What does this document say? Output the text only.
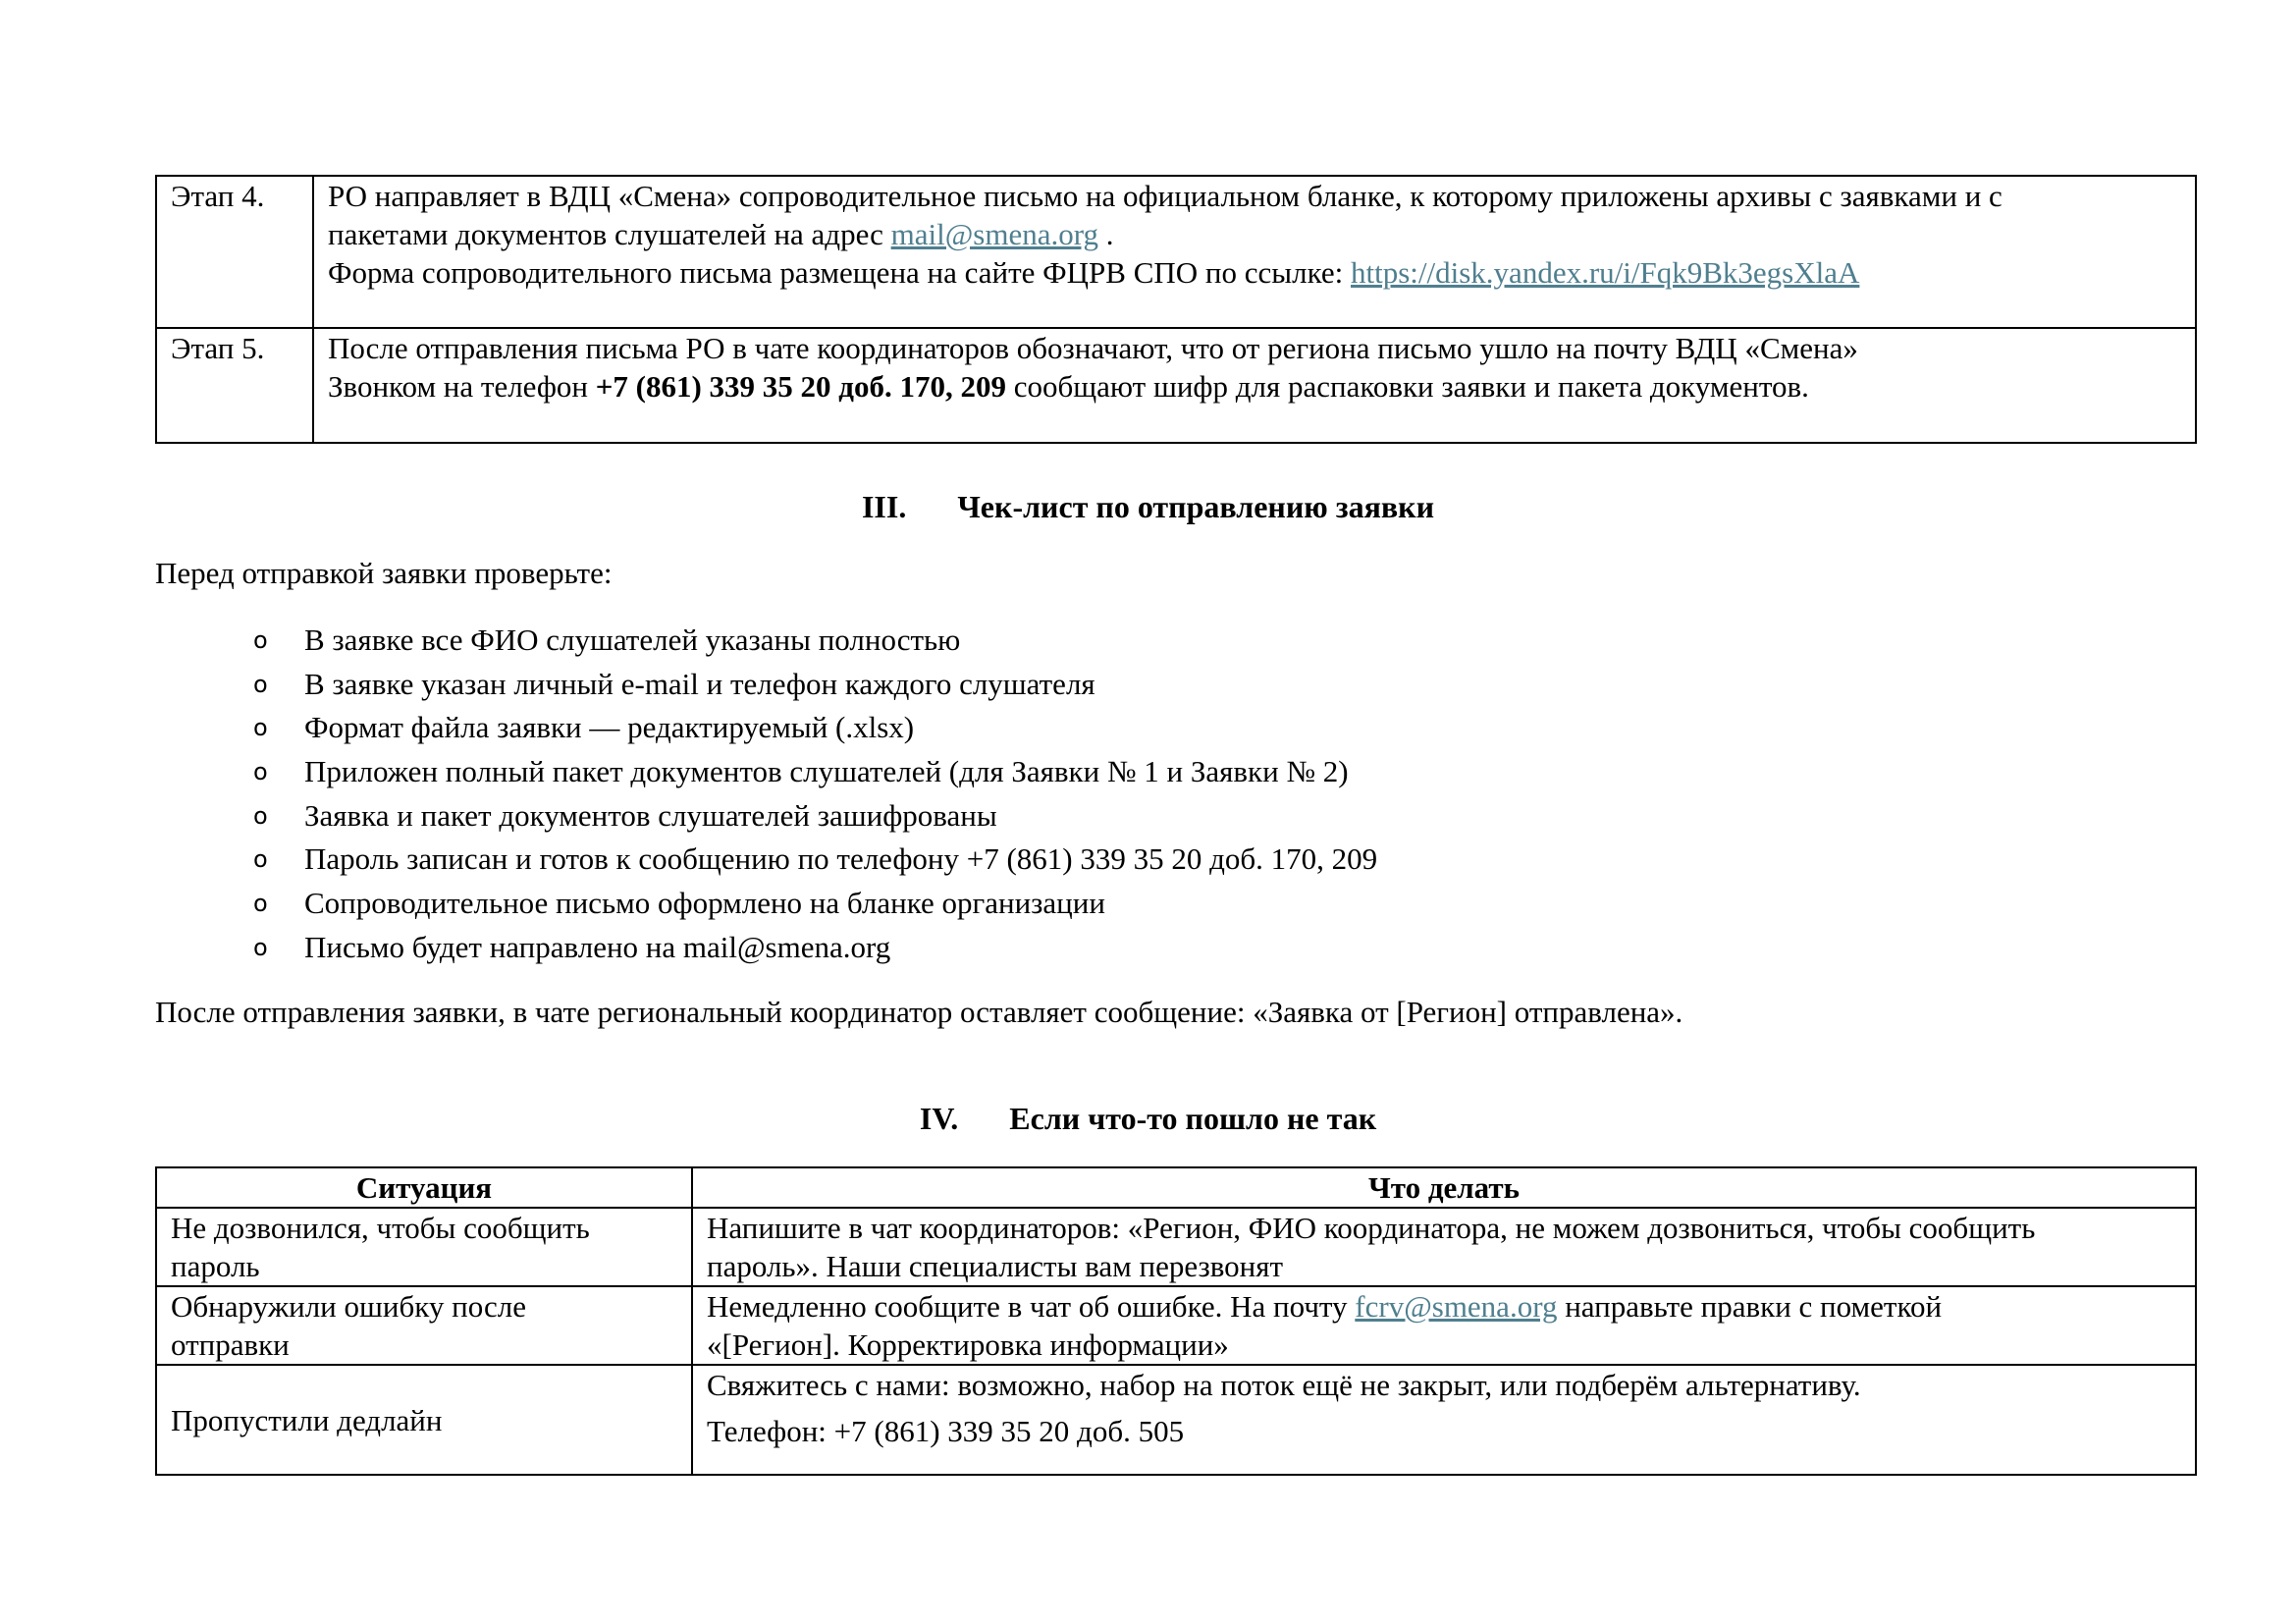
Этап 4.	РО направляет в ВДЦ «Смена» сопроводительное письмо на официальном бланке, к которому приложены архивы с заявками и с
пакетами документов слушателей на адрес mail@smena.org .
Форма сопроводительного письма размещена на сайте ФЦРВ СПО по ссылке: https://disk.yandex.ru/i/Fqk9Bk3egsXlaA

Этап 5.	После отправления письма РО в чате координаторов обозначают, что от региона письмо ушло на почту ВДЦ «Смена»
Звонком на телефон +7 (861) 339 35 20 доб. 170, 209 сообщают шифр для распаковки заявки и пакета документов.
III. Чек-лист по отправлению заявки
Перед отправкой заявки проверьте:
o В заявке все ФИО слушателей указаны полностью
o В заявке указан личный e-mail и телефон каждого слушателя
o Формат файла заявки — редактируемый (.xlsx)
o Приложен полный пакет документов слушателей (для Заявки № 1 и Заявки № 2)
o Заявка и пакет документов слушателей зашифрованы
o Пароль записан и готов к сообщению по телефону +7 (861) 339 35 20 доб. 170, 209
o Сопроводительное письмо оформлено на бланке организации
o Письмо будет направлено на mail@smena.org
После отправления заявки, в чате региональный координатор оставляет сообщение: «Заявка от [Регион] отправлена».
IV. Если что-то пошло не так
Ситуация	Что делать

Не дозвонился, чтобы сообщить
пароль	Напишите в чат координаторов: «Регион, ФИО координатора, не можем дозвониться, чтобы сообщить
пароль». Наши специалисты вам перезвонят

Обнаружили ошибку после
отправки	Немедленно сообщите в чат об ошибке. На почту fcrv@smena.org направьте правки с пометкой
«[Регион]. Корректировка информации»

Пропустили дедлайн	Свяжитесь с нами: возможно, набор на поток ещё не закрыт, или подберём альтернативу.
Телефон: +7 (861) 339 35 20 доб. 505
